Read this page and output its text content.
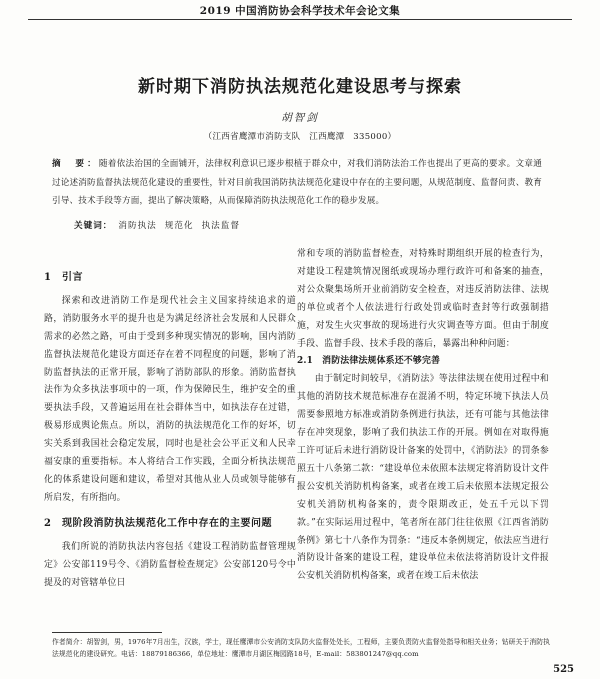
2019 中国消防协会科学技术年会论文集
新时期下消防执法规范化建设思考与探索
胡智剑
（江西省鹰潭市消防支队　江西鹰潭　335000）
摘　要：随着依法治国的全面铺开，法律权利意识已逐步根植于群众中，对我们消防法治工作也提出了更高的要求。文章通过论述消防监督执法规范化建设的重要性，针对目前我国消防执法规范化建设中存在的主要问题，从规范制度、监督问责、教育引导、技术手段等方面，提出了解决策略，从而保障消防执法规范化工作的稳步发展。
关键词： 消防执法 规范化 执法监督
1　引言

探索和改进消防工作是现代社会主义国家持续追求的道路，消防服务水平的提升也是为满足经济社会发展和人民群众需求的必然之路，可由于受到多种现实情况的影响，国内消防监督执法规范化建设方面还存在着不同程度的问题，影响了消防监督执法的正常开展，影响了消防部队的形象。消防监督执法作为众多执法事项中的一项，作为保障民生，维护安全的重要执法手段，又普遍运用在社会群体当中，如执法存在过错，极易形成舆论焦点。所以，消防的执法规范化工作的好坏，切实关系到我国社会稳定发展，同时也是社会公平正义和人民幸福安康的重要指标。本人将结合工作实践，全面分析执法规范化的体系建设问题和建议，希望对其他从业人员或领导能够有所启发，有所指向。

2　现阶段消防执法规范化工作中存在的主要问题

我们所说的消防执法内容包括《建设工程消防监督管理规定》公安部119号令、《消防监督检查规定》公安部120号令中提及的对管辖单位日

常和专项的消防监督检查，对特殊时期组织开展的检查行为，对建设工程建筑情况图纸或现场办理行政许可和备案的抽查，对公众聚集场所开业前消防安全检查，对违反消防法律、法规的单位或者个人依法进行行政处罚或临时查封等行政强制措施，对发生火灾事故的现场进行火灾调查等方面。但由于制度手段、监督手段、技术手段的落后，暴露出种种问题：

2.1　消防法律法规体系还不够完善

由于制定时间较早，《消防法》等法律法规在使用过程中和其他的消防技术规范标准存在混淆不明，特定环境下执法人员需要参照地方标准或消防条例进行执法，还有可能与其他法律存在冲突现象，影响了我们执法工作的开展。例如在对取得施工许可证后未进行消防设计备案的处罚中，《消防法》的罚条参照五十八条第二款：“建设单位未依照本法规定将消防设计文件报公安机关消防机构备案，或者在竣工后未依照本法规定报公安机关消防机构备案的，责令限期改正，处五千元以下罚款。”在实际运用过程中，笔者所在部门往往依照《江西省消防条例》第七十八条作为罚条：“违反本条例规定，依法应当进行消防设计备案的建设工程，建设单位未依法将消防设计文件报公安机关消防机构备案，或者在竣工后未依法

作者简介：胡智剑，男，1976年7月出生，汉族，学士，现任鹰潭市公安消防支队防火监督处处长，工程师，主要负责防火监督处指导和相关业务；钻研关于消防执法规范化的建设研究。电话：18879186366，单位地址：鹰潭市月湖区梅园路18号，E-mail：583801247@qq.com
525
